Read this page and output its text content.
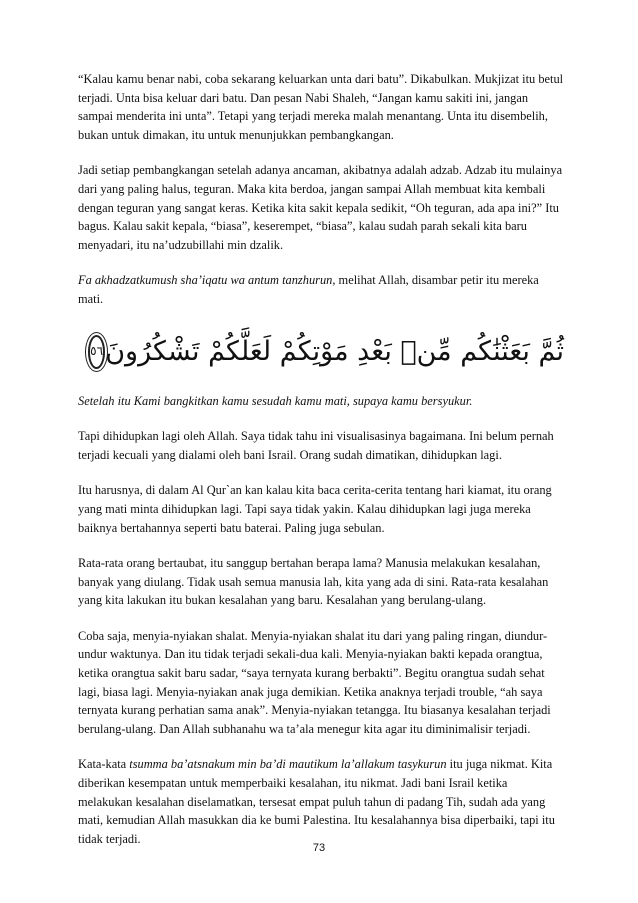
“Kalau kamu benar nabi, coba sekarang keluarkan unta dari batu”. Dikabulkan. Mukjizat itu betul terjadi. Unta bisa keluar dari batu. Dan pesan Nabi Shaleh, “Jangan kamu sakiti ini, jangan sampai menderita ini unta”. Tetapi yang terjadi mereka malah menantang. Unta itu disembelih, bukan untuk dimakan, itu untuk menunjukkan pembangkangan.

Jadi setiap pembangkangan setelah adanya ancaman, akibatnya adalah adzab. Adzab itu mulainya dari yang paling halus, teguran. Maka kita berdoa, jangan sampai Allah membuat kita kembali dengan teguran yang sangat keras. Ketika kita sakit kepala sedikit, “Oh teguran, ada apa ini?” Itu bagus. Kalau sakit kepala, “biasa”, keserempet, “biasa”, kalau sudah parah sekali kita baru menyadari, itu na’udzubillahi min dzalik.

Fa akhadzatkumush sha’iqatu wa antum tanzhurun, melihat Allah, disambar petir itu mereka mati.

ثُمَّ بَعَثْنَٰكُم مِّنۢ بَعْدِ مَوْتِكُمْ لَعَلَّكُمْ تَشْكُرُونَ
٥٦

Setelah itu Kami bangkitkan kamu sesudah kamu mati, supaya kamu bersyukur.

Tapi dihidupkan lagi oleh Allah. Saya tidak tahu ini visualisasinya bagaimana. Ini belum pernah terjadi kecuali yang dialami oleh bani Israil. Orang sudah dimatikan, dihidupkan lagi.

Itu harusnya, di dalam Al Qur`an kan kalau kita baca cerita-cerita tentang hari kiamat, itu orang yang mati minta dihidupkan lagi. Tapi saya tidak yakin. Kalau dihidupkan lagi juga mereka baiknya bertahannya seperti batu baterai. Paling juga sebulan.

Rata-rata orang bertaubat, itu sanggup bertahan berapa lama? Manusia melakukan kesalahan, banyak yang diulang. Tidak usah semua manusia lah, kita yang ada di sini. Rata-rata kesalahan yang kita lakukan itu bukan kesalahan yang baru. Kesalahan yang berulang-ulang.

Coba saja, menyia-nyiakan shalat. Menyia-nyiakan shalat itu dari yang paling ringan, diundur-undur waktunya. Dan itu tidak terjadi sekali-dua kali. Menyia-nyiakan bakti kepada orangtua, ketika orangtua sakit baru sadar, “saya ternyata kurang berbakti”. Begitu orangtua sudah sehat lagi, biasa lagi. Menyia-nyiakan anak juga demikian. Ketika anaknya terjadi trouble, “ah saya ternyata kurang perhatian sama anak”. Menyia-nyiakan tetangga. Itu biasanya kesalahan terjadi berulang-ulang. Dan Allah subhanahu wa ta’ala menegur kita agar itu diminimalisir terjadi.

Kata-kata tsumma ba’atsnakum min ba’di mautikum la’allakum tasykurun itu juga nikmat. Kita diberikan kesempatan untuk memperbaiki kesalahan, itu nikmat. Jadi bani Israil ketika melakukan kesalahan diselamatkan, tersesat empat puluh tahun di padang Tih, sudah ada yang mati, kemudian Allah masukkan dia ke bumi Palestina. Itu kesalahannya bisa diperbaiki, tapi itu tidak terjadi.

73
